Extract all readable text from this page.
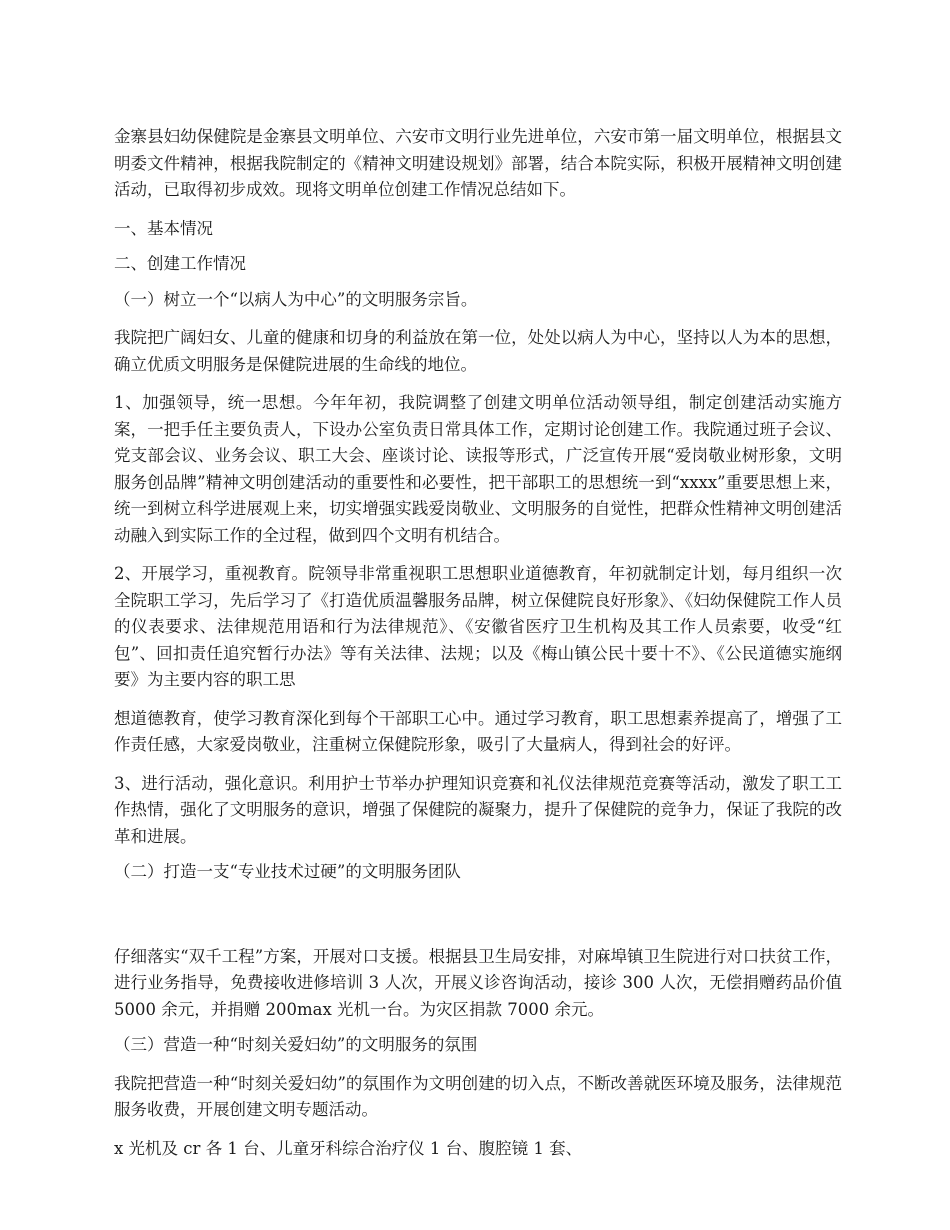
金寨县妇幼保健院是金寨县文明单位、六安市文明行业先进单位，六安市第一届文明单位，根据县文明委文件精神，根据我院制定的《精神文明建设规划》部署，结合本院实际，积极开展精神文明创建活动，已取得初步成效。现将文明单位创建工作情况总结如下。

一、基本情况

二、创建工作情况

（一）树立一个“以病人为中心”的文明服务宗旨。

我院把广阔妇女、儿童的健康和切身的利益放在第一位，处处以病人为中心，坚持以人为本的思想，确立优质文明服务是保健院进展的生命线的地位。

1、加强领导，统一思想。今年年初，我院调整了创建文明单位活动领导组，制定创建活动实施方案，一把手任主要负责人，下设办公室负责日常具体工作，定期讨论创建工作。我院通过班子会议、党支部会议、业务会议、职工大会、座谈讨论、读报等形式，广泛宣传开展“爱岗敬业树形象，文明服务创品牌”精神文明创建活动的重要性和必要性，把干部职工的思想统一到“xxxx”重要思想上来，统一到树立科学进展观上来，切实增强实践爱岗敬业、文明服务的自觉性，把群众性精神文明创建活动融入到实际工作的全过程，做到四个文明有机结合。

2、开展学习，重视教育。院领导非常重视职工思想职业道德教育，年初就制定计划，每月组织一次全院职工学习，先后学习了《打造优质温馨服务品牌，树立保健院良好形象》、《妇幼保健院工作人员的仪表要求、法律规范用语和行为法律规范》、《安徽省医疗卫生机构及其工作人员索要，收受“红包”、回扣责任追究暂行办法》等有关法律、法规；以及《梅山镇公民十要十不》、《公民道德实施纲要》为主要内容的职工思

想道德教育，使学习教育深化到每个干部职工心中。通过学习教育，职工思想素养提高了，增强了工作责任感，大家爱岗敬业，注重树立保健院形象，吸引了大量病人，得到社会的好评。

3、进行活动，强化意识。利用护士节举办护理知识竞赛和礼仪法律规范竞赛等活动，激发了职工工作热情，强化了文明服务的意识，增强了保健院的凝聚力，提升了保健院的竞争力，保证了我院的改革和进展。

（二）打造一支“专业技术过硬”的文明服务团队

仔细落实“双千工程”方案，开展对口支援。根据县卫生局安排，对麻埠镇卫生院进行对口扶贫工作，进行业务指导，免费接收进修培训 3 人次，开展义诊咨询活动，接诊 300 人次，无偿捐赠药品价值 5000 余元，并捐赠 200max 光机一台。为灾区捐款 7000 余元。

（三）营造一种“时刻关爱妇幼”的文明服务的氛围

我院把营造一种“时刻关爱妇幼”的氛围作为文明创建的切入点，不断改善就医环境及服务，法律规范服务收费，开展创建文明专题活动。

x 光机及 cr 各 1 台、儿童牙科综合治疗仪 1 台、腹腔镜 1 套、
